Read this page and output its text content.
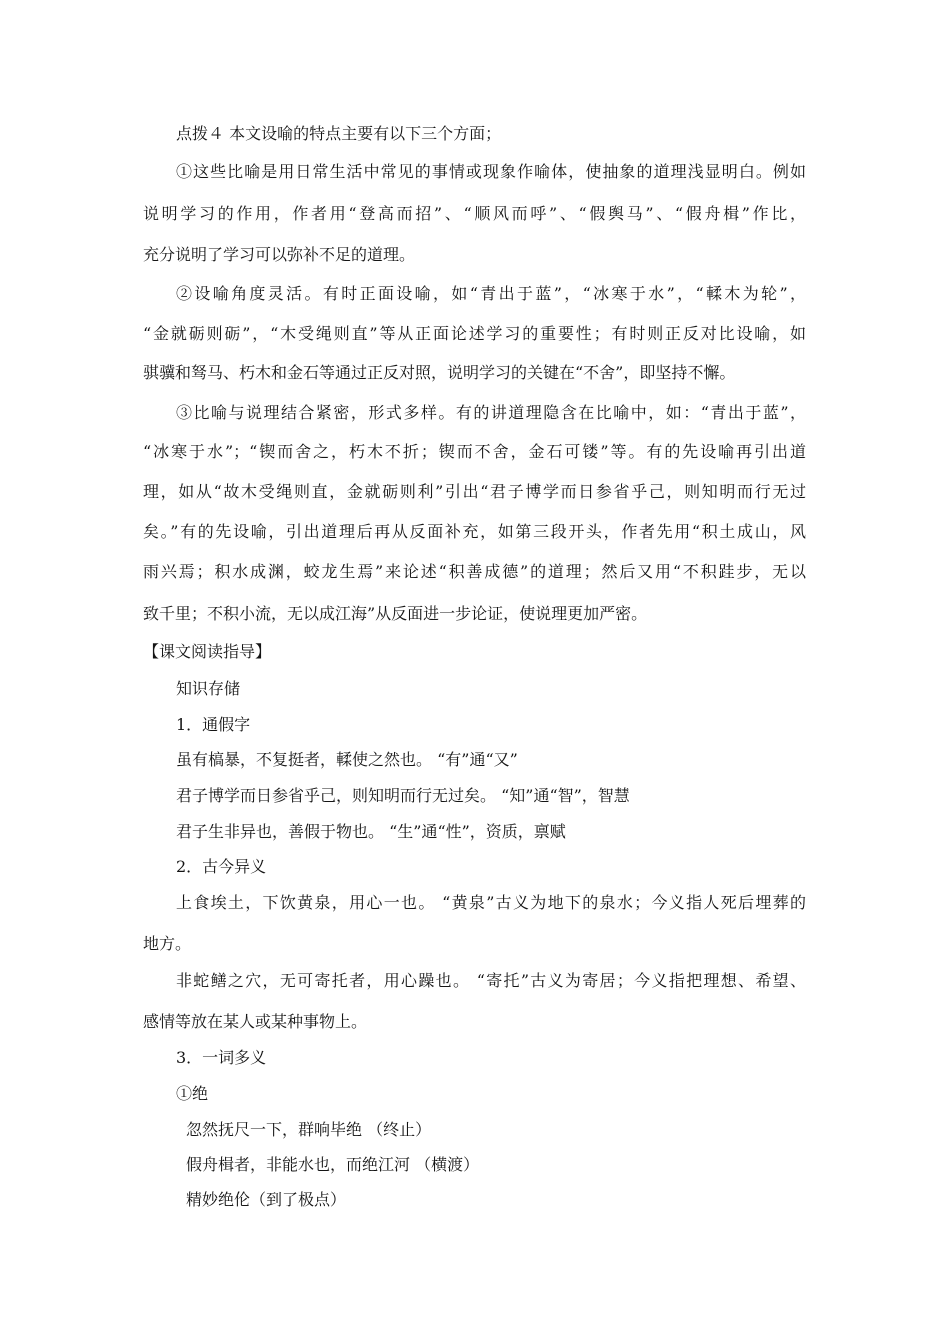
点拨４ 本文设喻的特点主要有以下三个方面；
①这些比喻是用日常生活中常见的事情或现象作喻体，使抽象的道理浅显明白。例如
说明学习的作用，作者用“登高而招”、“顺风而呼”、“假舆马”、“假舟楫”作比，
充分说明了学习可以弥补不足的道理。
②设喻角度灵活。有时正面设喻，如“青出于蓝”，“冰寒于水”，“輮木为轮”，
“金就砺则砺”，“木受绳则直”等从正面论述学习的重要性；有时则正反对比设喻，如
骐骥和驽马、朽木和金石等通过正反对照，说明学习的关键在“不舍”，即坚持不懈。
③比喻与说理结合紧密，形式多样。有的讲道理隐含在比喻中，如：“青出于蓝”，
“冰寒于水”；“锲而舍之，朽木不折；锲而不舍，金石可镂”等。有的先设喻再引出道
理，如从“故木受绳则直，金就砺则利”引出“君子博学而日参省乎己，则知明而行无过
矣。”有的先设喻，引出道理后再从反面补充，如第三段开头，作者先用“积土成山，风
雨兴焉；积水成渊，蛟龙生焉”来论述“积善成德”的道理；然后又用“不积跬步，无以
致千里；不积小流，无以成江海”从反面进一步论证，使说理更加严密。
【课文阅读指导】
知识存储
1．通假字
虽有槁暴，不复挺者，輮使之然也。 “有”通“又”
君子博学而日参省乎己，则知明而行无过矣。 “知”通“智”，智慧
君子生非异也，善假于物也。 “生”通“性”，资质，禀赋
2．古今异义
上食埃土，下饮黄泉，用心一也。 “黄泉”古义为地下的泉水；今义指人死后埋葬的
地方。
非蛇鳝之穴，无可寄托者，用心躁也。 “寄托”古义为寄居；今义指把理想、希望、
感情等放在某人或某种事物上。
3．一词多义
①绝
忽然抚尺一下，群响毕绝 （终止）
假舟楫者，非能水也，而绝江河 （横渡）
精妙绝伦（到了极点）
